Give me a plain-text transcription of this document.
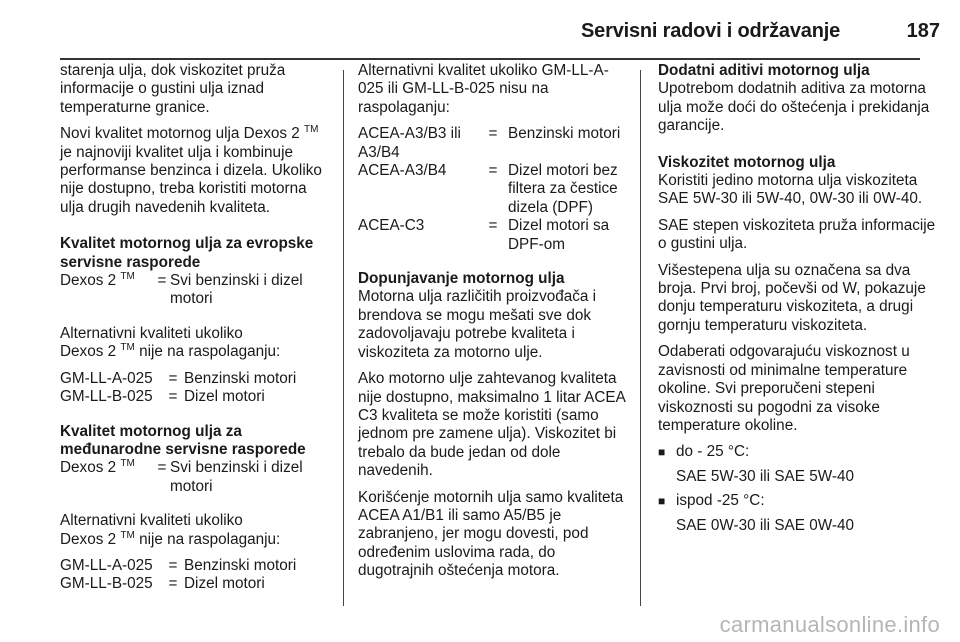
Servisni radovi i održavanje	187

starenja ulja, dok viskozitet pruža informacije o gustini ulja iznad temperaturne granice.

Novi kvalitet motornog ulja Dexos 2 ™ je najnoviji kvalitet ulja i kombinuje performanse benzinca i dizela. Ukoliko nije dostupno, treba koristiti motorna ulja drugih navedenih kvaliteta.

Kvalitet motornog ulja za evropske servisne rasporede

Dexos 2 ™	= Svi benzinski i dizel motori
Alternativni kvaliteti ukoliko
Dexos 2 ™ nije na raspolaganju:
GM-LL-A-025	= Benzinski motori
GM-LL-B-025	= Dizel motori

Kvalitet motornog ulja za međunarodne servisne rasporede

Dexos 2 ™	= Svi benzinski i dizel motori
Alternativni kvaliteti ukoliko
Dexos 2 ™ nije na raspolaganju:
GM-LL-A-025	= Benzinski motori
GM-LL-B-025	= Dizel motori

Alternativni kvalitet ukoliko GM-LL-A-025 ili GM-LL-B-025 nisu na raspolaganju:

ACEA-A3/B3 ili A3/B4
= Benzinski motori
ACEA-A3/B4	= Dizel motori bez filtera za čestice dizela (DPF)
ACEA-C3	= Dizel motori sa DPF-om

Dopunjavanje motornog ulja

Motorna ulja različitih proizvođača i brendova se mogu mešati sve dok zadovoljavaju potrebe kvaliteta i viskoziteta za motorno ulje.

Ako motorno ulje zahtevanog kvaliteta nije dostupno, maksimalno 1 litar ACEA C3 kvaliteta se može koristiti (samo jednom pre zamene ulja). Viskozitet bi trebalo da bude jedan od dole navedenih.

Korišćenje motornih ulja samo kvaliteta ACEA A1/B1 ili samo A5/B5 je zabranjeno, jer mogu dovesti, pod određenim uslovima rada, do dugotrajnih oštećenja motora.

Dodatni aditivi motornog ulja

Upotrebom dodatnih aditiva za motorna ulja može doći do oštećenja i prekidanja garancije.

Viskozitet motornog ulja

Koristiti jedino motorna ulja viskoziteta SAE 5W-30 ili 5W-40, 0W-30 ili 0W-40.

SAE stepen viskoziteta pruža informacije o gustini ulja.

Višestepena ulja su označena sa dva broja. Prvi broj, počevši od W, pokazuje donju temperaturu viskoziteta, a drugi gornju temperaturu viskoziteta.

Odaberati odgovarajuću viskoznost u zavisnosti od minimalne temperature okoline. Svi preporučeni stepeni viskoznosti su pogodni za visoke temperature okoline.

■ do - 25 °C:
SAE 5W-30 ili SAE 5W-40
■ ispod -25 °C:
SAE 0W-30 ili SAE 0W-40
carmanualsonline.info
